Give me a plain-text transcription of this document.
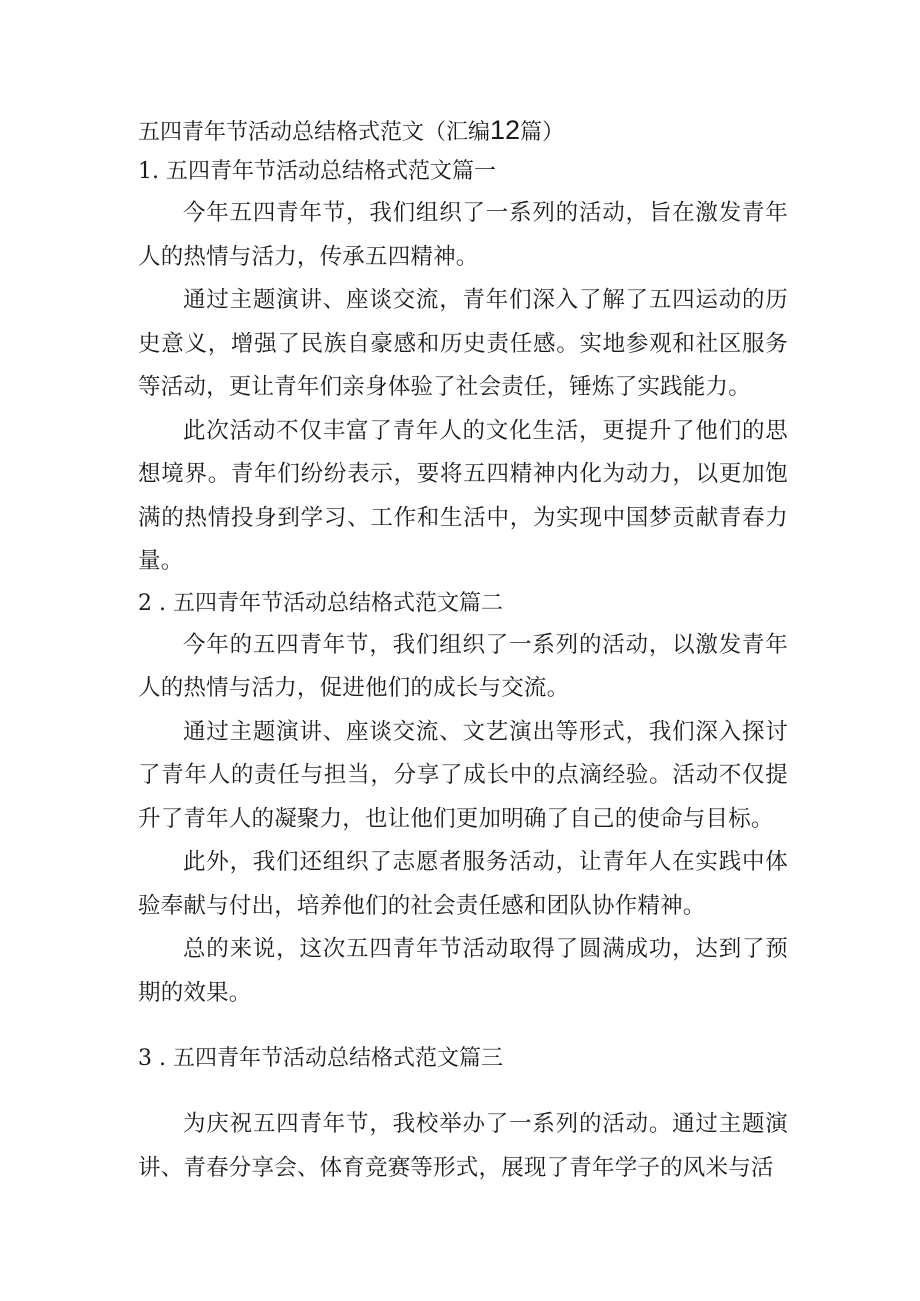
五四青年节活动总结格式范文（汇编12篇）
1. 五四青年节活动总结格式范文篇一

今年五四青年节，我们组织了一系列的活动，旨在激发青年人的热情与活力，传承五四精神。

通过主题演讲、座谈交流，青年们深入了解了五四运动的历史意义，增强了民族自豪感和历史责任感。实地参观和社区服务等活动，更让青年们亲身体验了社会责任，锤炼了实践能力。

此次活动不仅丰富了青年人的文化生活，更提升了他们的思想境界。青年们纷纷表示，要将五四精神内化为动力，以更加饱满的热情投身到学习、工作和生活中，为实现中国梦贡献青春力量。

2 . 五四青年节活动总结格式范文篇二

今年的五四青年节，我们组织了一系列的活动，以激发青年人的热情与活力，促进他们的成长与交流。

通过主题演讲、座谈交流、文艺演出等形式，我们深入探讨了青年人的责任与担当，分享了成长中的点滴经验。活动不仅提升了青年人的凝聚力，也让他们更加明确了自己的使命与目标。

此外，我们还组织了志愿者服务活动，让青年人在实践中体验奉献与付出，培养他们的社会责任感和团队协作精神。

总的来说，这次五四青年节活动取得了圆满成功，达到了预期的效果。

3 . 五四青年节活动总结格式范文篇三

为庆祝五四青年节，我校举办了一系列的活动。通过主题演讲、青春分享会、体育竞赛等形式，展现了青年学子的风米与活
